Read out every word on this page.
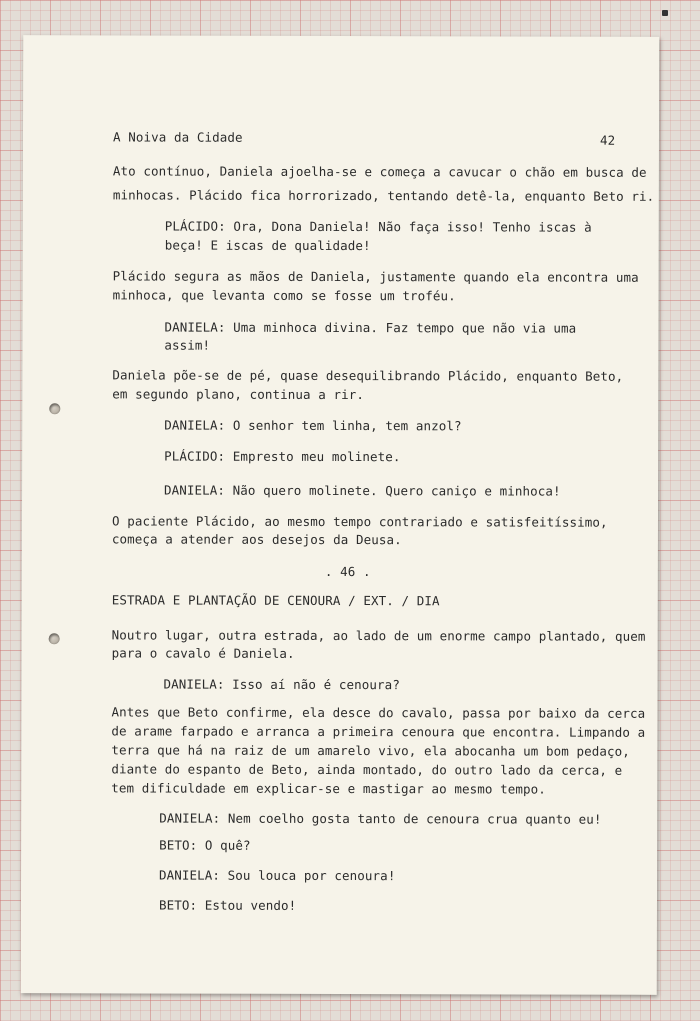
A Noiva da Cidade	42

Ato contínuo, Daniela ajoelha-se e começa a cavucar o chão em busca de

minhocas. Plácido fica horrorizado, tentando detê-la, enquanto Beto ri.

PLÁCIDO: Ora, Dona Daniela! Não faça isso! Tenho iscas à

beça! E iscas de qualidade!

Plácido segura as mãos de Daniela, justamente quando ela encontra uma

minhoca, que levanta como se fosse um troféu.

DANIELA: Uma minhoca divina. Faz tempo que não via uma

assim!

Daniela põe-se de pé, quase desequilibrando Plácido, enquanto Beto,

em segundo plano, continua a rir.

DANIELA: O senhor tem linha, tem anzol?

PLÁCIDO: Empresto meu molinete.

DANIELA: Não quero molinete. Quero caniço e minhoca!

O paciente Plácido, ao mesmo tempo contrariado e satisfeitíssimo,

começa a atender aos desejos da Deusa.

. 46 .

ESTRADA E PLANTAÇÃO DE CENOURA / EXT. / DIA

Noutro lugar, outra estrada, ao lado de um enorme campo plantado, quem

para o cavalo é Daniela.

DANIELA: Isso aí não é cenoura?

Antes que Beto confirme, ela desce do cavalo, passa por baixo da cerca

de arame farpado e arranca a primeira cenoura que encontra. Limpando a

terra que há na raiz de um amarelo vivo, ela abocanha um bom pedaço,

diante do espanto de Beto, ainda montado, do outro lado da cerca, e

tem dificuldade em explicar-se e mastigar ao mesmo tempo.

DANIELA: Nem coelho gosta tanto de cenoura crua quanto eu!

BETO: O quê?

DANIELA: Sou louca por cenoura!

BETO: Estou vendo!
